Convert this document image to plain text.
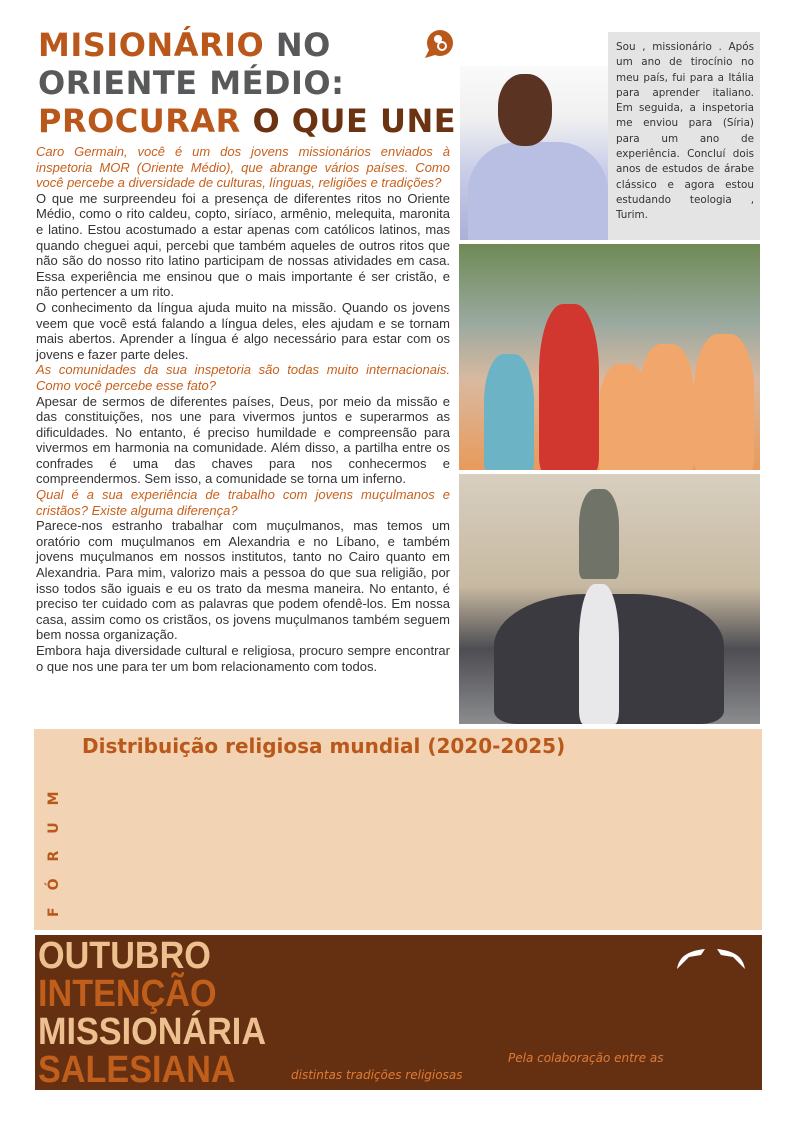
MISIONÁRIO NO
ORIENTE MÉDIO:
PROCURAR O QUE UNE
Sou , missionário . Após um ano de tirocínio no meu país, fui para a Itália para aprender italiano. Em seguida, a inspetoria me enviou para (Síria) para um ano de experiência. Concluí dois anos de estudos de árabe clássico e agora estou estudando teologia , Turim.

Caro Germain, você é um dos jovens missionários enviados à inspetoria MOR (Oriente Médio), que abrange vários países. Como você percebe a diversidade de culturas, línguas, religiões e tradições?

O que me surpreendeu foi a presença de diferentes ritos no Oriente Médio, como o rito caldeu, copto, siríaco, armênio, melequita, maronita e latino. Estou acostumado a estar apenas com católicos latinos, mas quando cheguei aqui, percebi que também aqueles de outros ritos que não são do nosso rito latino participam de nossas atividades em casa. Essa experiência me ensinou que o mais importante é ser cristão, e não pertencer a um rito.

O conhecimento da língua ajuda muito na missão. Quando os jovens veem que você está falando a língua deles, eles ajudam e se tornam mais abertos. Aprender a língua é algo necessário para estar com os jovens e fazer parte deles.

As comunidades da sua inspetoria são todas muito internacionais. Como você percebe esse fato?

Apesar de sermos de diferentes países, Deus, por meio da missão e das constituições, nos une para vivermos juntos e superarmos as dificuldades. No entanto, é preciso humildade e compreensão para vivermos em harmonia na comunidade. Além disso, a partilha entre os confrades é uma das chaves para nos conhecermos e compreendermos. Sem isso, a comunidade se torna um inferno.

Qual é a sua experiência de trabalho com jovens muçulmanos e cristãos? Existe alguma diferença?

Parece-nos estranho trabalhar com muçulmanos, mas temos um oratório com muçulmanos em Alexandria e no Líbano, e também jovens muçulmanos em nossos institutos, tanto no Cairo quanto em Alexandria. Para mim, valorizo mais a pessoa do que sua religião, por isso todos são iguais e eu os trato da mesma maneira. No entanto, é preciso ter cuidado com as palavras que podem ofendê-los. Em nossa casa, assim como os cristãos, os jovens muçulmanos também seguem bem nossa organização.

Embora haja diversidade cultural e religiosa, procuro sempre encontrar o que nos une para ter um bom relacionamento com todos.

FÓRUM
Distribuição religiosa mundial (2020-2025)
OUTUBRO
INTENÇÃO
MISSIONÁRIA
SALESIANA	Pela colaboração entre as
distintas tradições religiosas
